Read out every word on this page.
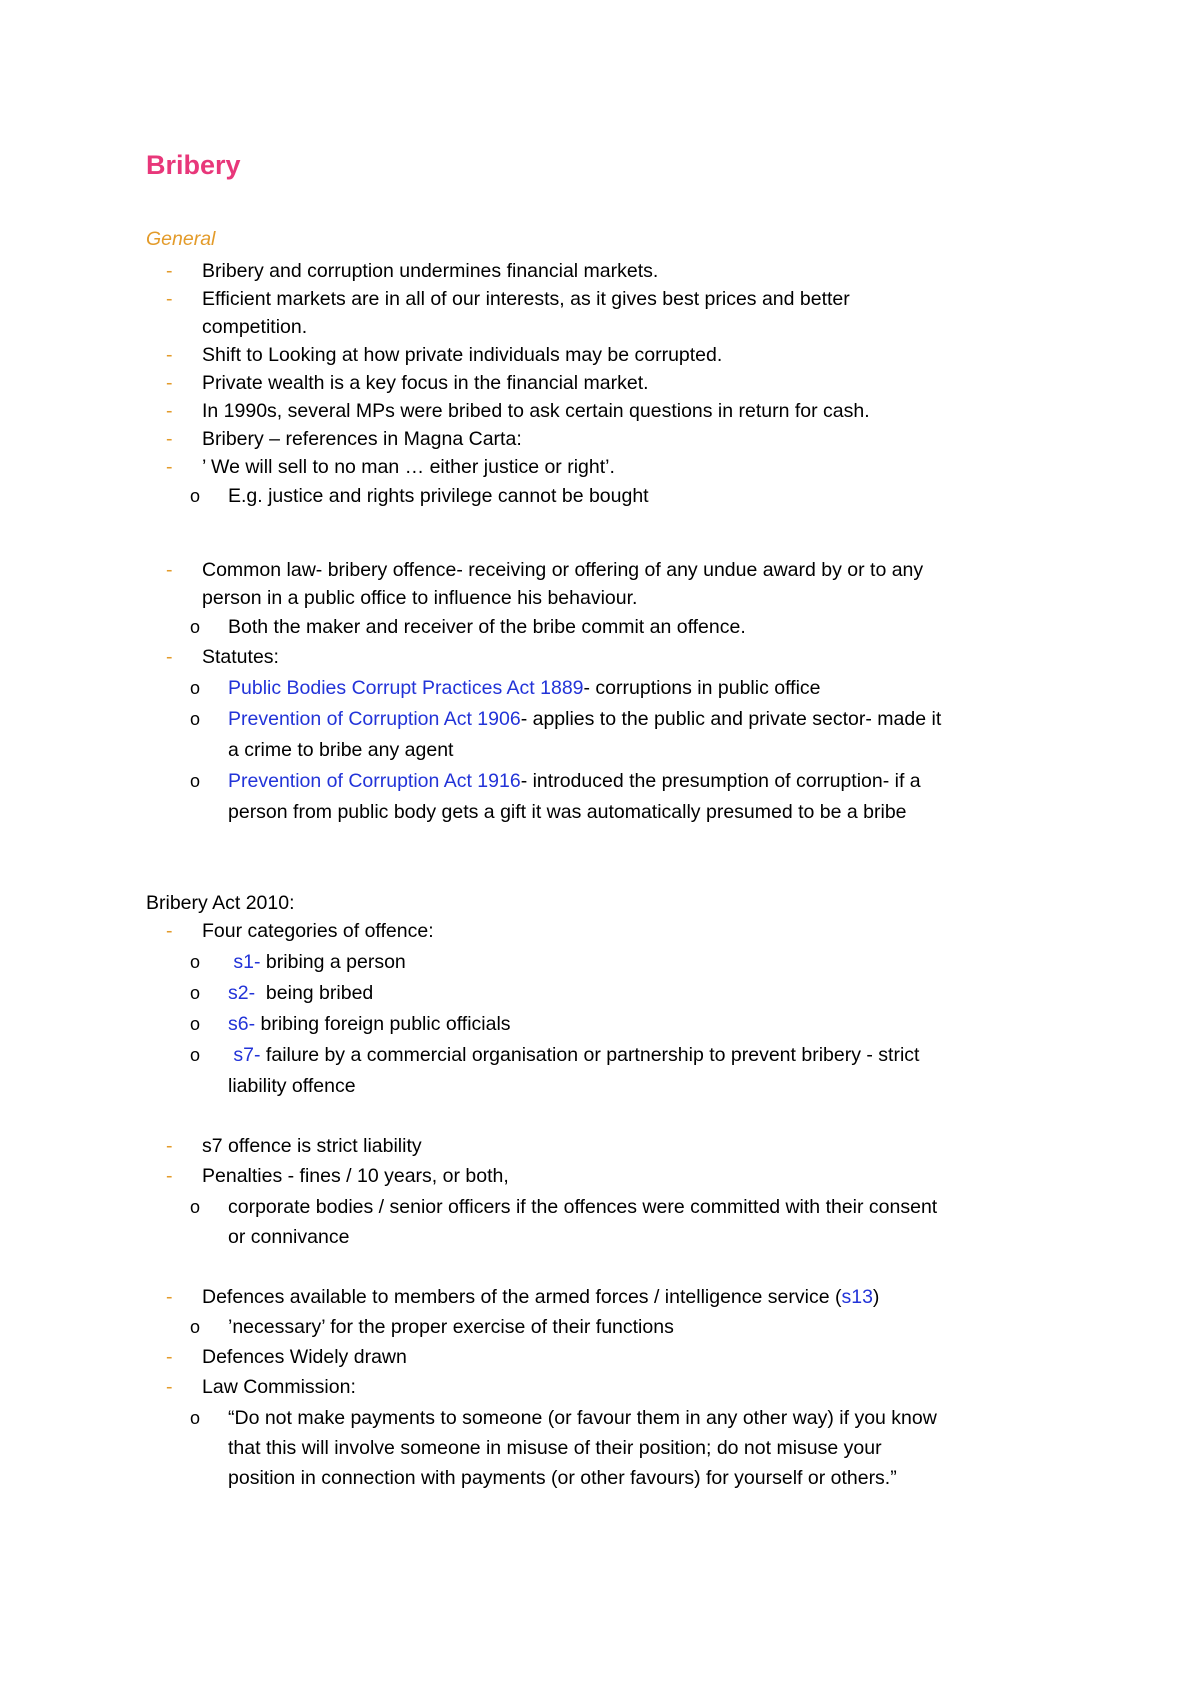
Bribery
General
- Bribery and corruption undermines financial markets.
- Efficient markets are in all of our interests, as it gives best prices and better
competition.
- Shift to Looking at how private individuals may be corrupted.
- Private wealth is a key focus in the financial market.
- In 1990s, several MPs were bribed to ask certain questions in return for cash.
- Bribery – references in Magna Carta:
- ’ We will sell to no man … either justice or right’.
o E.g. justice and rights privilege cannot be bought
- Common law- bribery offence- receiving or offering of any undue award by or to any
person in a public office to influence his behaviour.
o Both the maker and receiver of the bribe commit an offence.
- Statutes:
o Public Bodies Corrupt Practices Act 1889- corruptions in public office
o Prevention of Corruption Act 1906- applies to the public and private sector- made it
a crime to bribe any agent
o Prevention of Corruption Act 1916- introduced the presumption of corruption- if a
person from public body gets a gift it was automatically presumed to be a bribe
Bribery Act 2010:
- Four categories of offence:
o s1- bribing a person
o s2-  being bribed
o s6- bribing foreign public officials
o s7- failure by a commercial organisation or partnership to prevent bribery - strict
liability offence
- s7 offence is strict liability
- Penalties - fines / 10 years, or both,
o corporate bodies / senior officers if the offences were committed with their consent
or connivance
- Defences available to members of the armed forces / intelligence service (s13)
o ’necessary’ for the proper exercise of their functions
- Defences Widely drawn
- Law Commission:
o “Do not make payments to someone (or favour them in any other way) if you know
that this will involve someone in misuse of their position; do not misuse your
position in connection with payments (or other favours) for yourself or others.”
